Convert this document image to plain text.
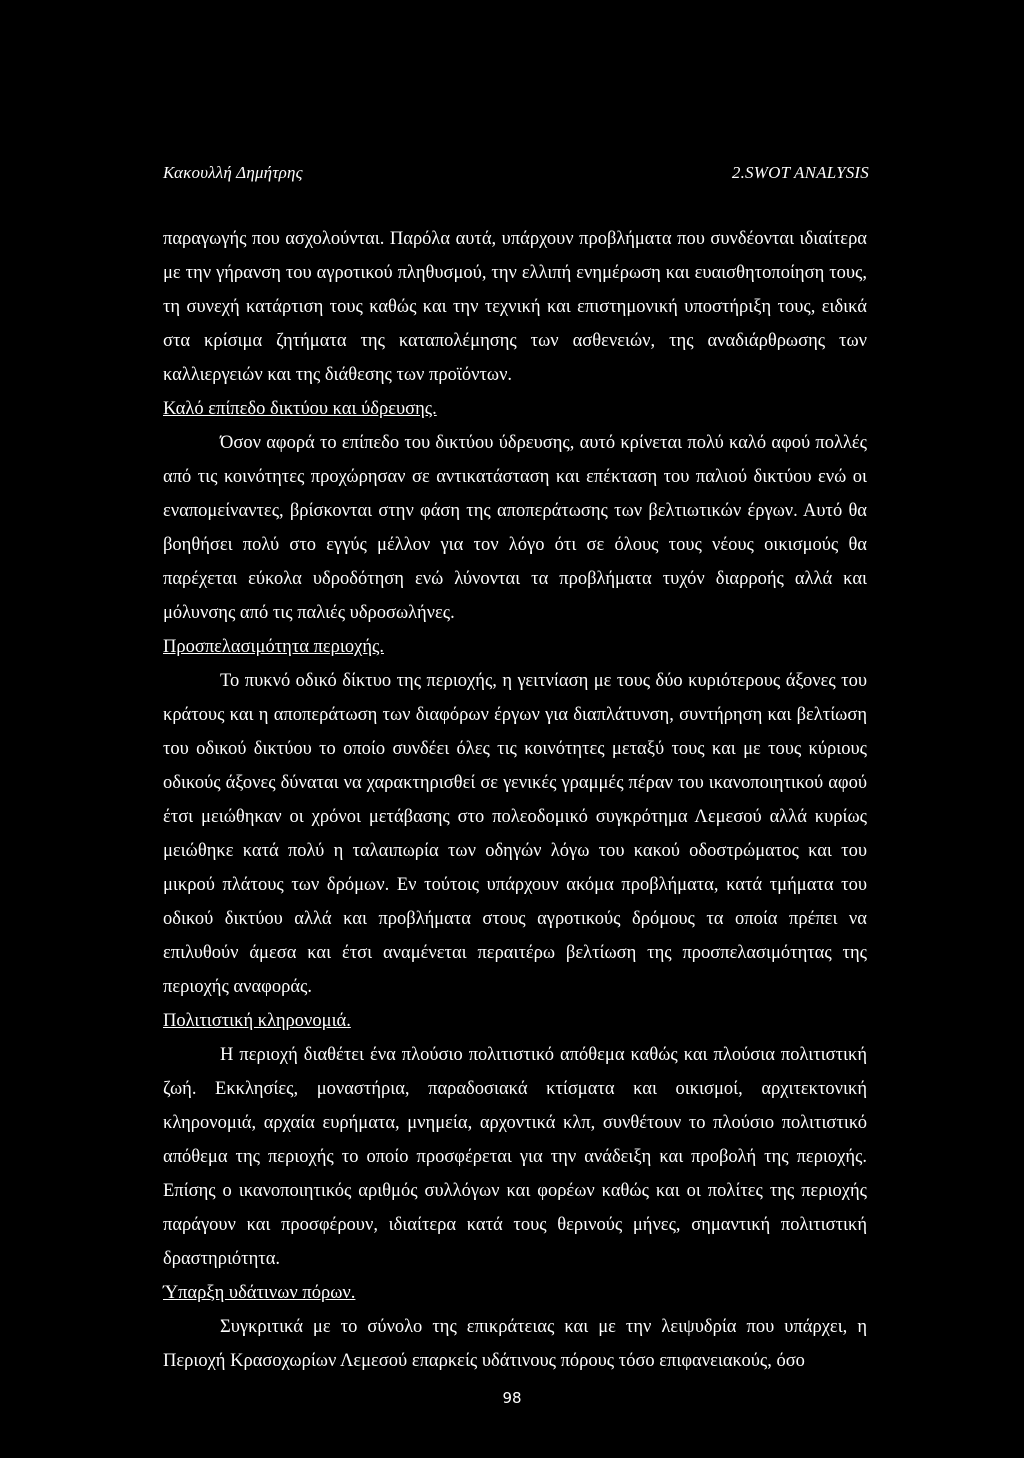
Κακουλλή Δημήτρης	2.SWOT ANALYSIS

παραγωγής που ασχολούνται. Παρόλα αυτά, υπάρχουν προβλήματα που συνδέονται ιδιαίτερα με την γήρανση του αγροτικού πληθυσμού, την ελλιπή ενημέρωση και ευαισθητοποίηση τους, τη συνεχή κατάρτιση τους καθώς και την τεχνική και επιστημονική υποστήριξη τους, ειδικά στα κρίσιμα ζητήματα της καταπολέμησης των ασθενειών, της αναδιάρθρωσης των καλλιεργειών και της διάθεσης των προϊόντων.

Καλό επίπεδο δικτύου και ύδρευσης.

Όσον αφορά το επίπεδο του δικτύου ύδρευσης, αυτό κρίνεται πολύ καλό αφού πολλές από τις κοινότητες προχώρησαν σε αντικατάσταση και επέκταση του παλιού δικτύου ενώ οι εναπομείναντες, βρίσκονται στην φάση της αποπεράτωσης των βελτιωτικών έργων. Αυτό θα βοηθήσει πολύ στο εγγύς μέλλον για τον λόγο ότι σε όλους τους νέους οικισμούς θα παρέχεται εύκολα υδροδότηση ενώ λύνονται τα προβλήματα τυχόν διαρροής αλλά και μόλυνσης από τις παλιές υδροσωλήνες.

Προσπελασιμότητα περιοχής.

Το πυκνό οδικό δίκτυο της περιοχής, η γειτνίαση με τους δύο κυριότερους άξονες του κράτους και η αποπεράτωση των διαφόρων έργων για διαπλάτυνση, συντήρηση και βελτίωση του οδικού δικτύου το οποίο συνδέει όλες τις κοινότητες μεταξύ τους και με τους κύριους οδικούς άξονες δύναται να χαρακτηρισθεί σε γενικές γραμμές πέραν του ικανοποιητικού αφού έτσι μειώθηκαν οι χρόνοι μετάβασης στο πολεοδομικό συγκρότημα Λεμεσού αλλά κυρίως μειώθηκε κατά πολύ η ταλαιπωρία των οδηγών λόγω του κακού οδοστρώματος και του μικρού πλάτους των δρόμων. Εν τούτοις υπάρχουν ακόμα προβλήματα, κατά τμήματα του οδικού δικτύου αλλά και προβλήματα στους αγροτικούς δρόμους τα οποία πρέπει να επιλυθούν άμεσα και έτσι αναμένεται περαιτέρω βελτίωση της προσπελασιμότητας της περιοχής αναφοράς.

Πολιτιστική κληρονομιά.

Η περιοχή διαθέτει ένα πλούσιο πολιτιστικό απόθεμα καθώς και πλούσια πολιτιστική ζωή. Εκκλησίες, μοναστήρια, παραδοσιακά κτίσματα και οικισμοί, αρχιτεκτονική κληρονομιά, αρχαία ευρήματα, μνημεία, αρχοντικά κλπ, συνθέτουν το πλούσιο πολιτιστικό απόθεμα της περιοχής το οποίο προσφέρεται για την ανάδειξη και προβολή της περιοχής. Επίσης ο ικανοποιητικός αριθμός συλλόγων και φορέων καθώς και οι πολίτες της περιοχής παράγουν και προσφέρουν, ιδιαίτερα κατά τους θερινούς μήνες, σημαντική πολιτιστική δραστηριότητα.

Ύπαρξη υδάτινων πόρων.

Συγκριτικά με το σύνολο της επικράτειας και με την λειψυδρία που υπάρχει, η Περιοχή Κρασοχωρίων Λεμεσού επαρκείς υδάτινους πόρους τόσο επιφανειακούς, όσο

98
